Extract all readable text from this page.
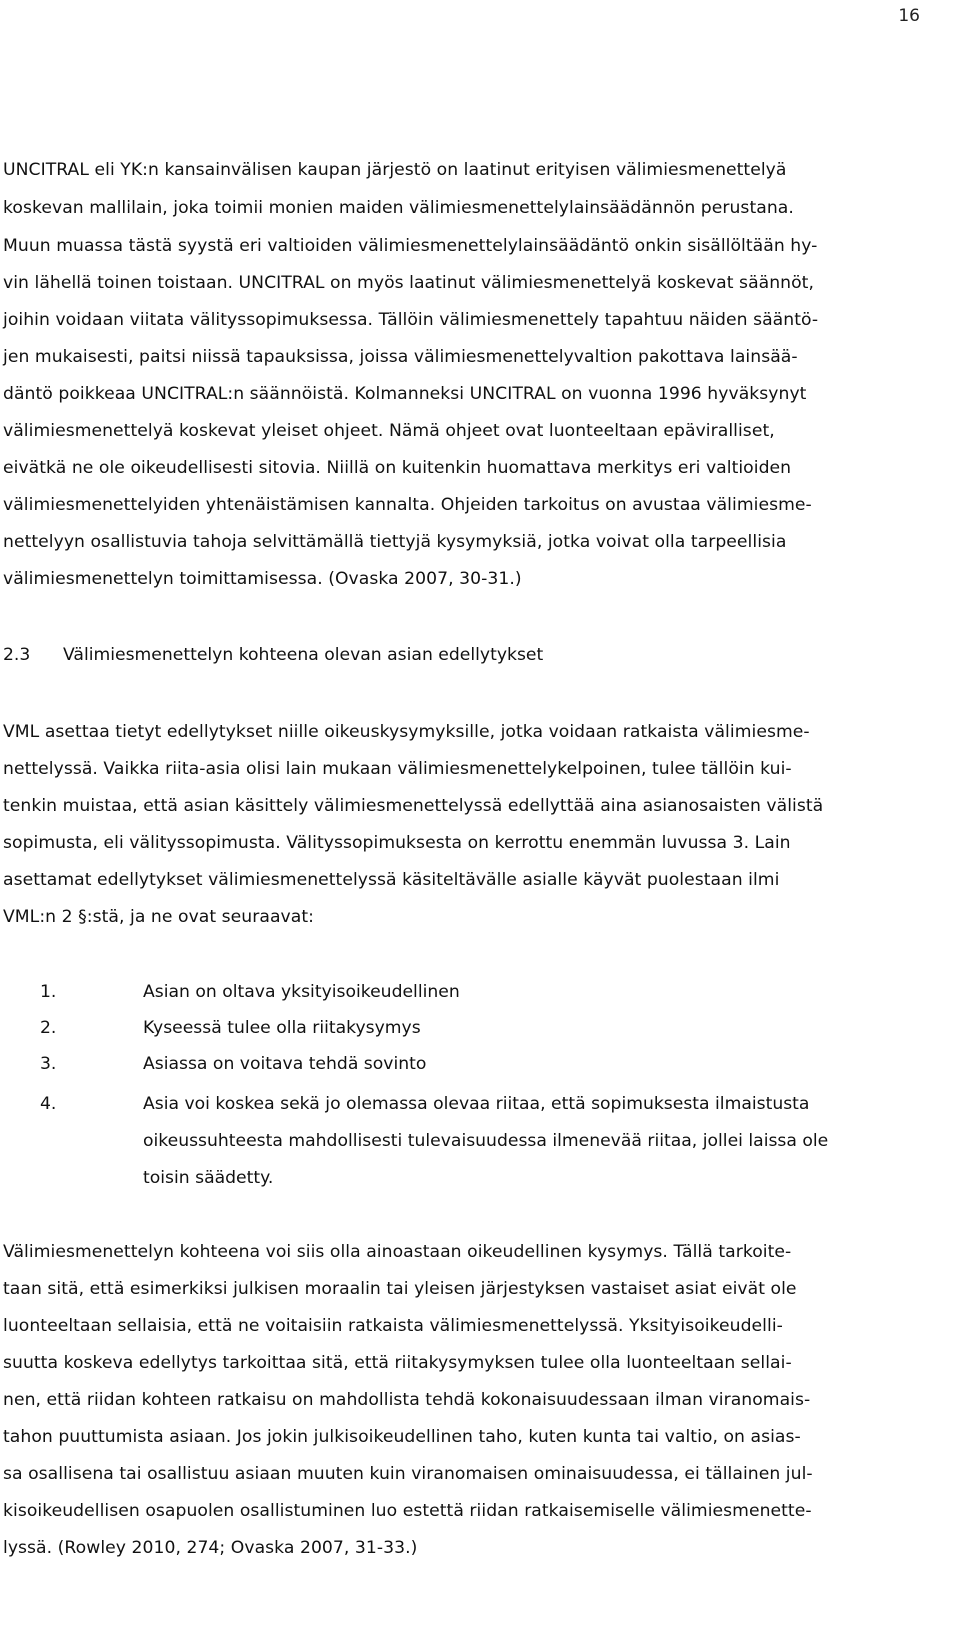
16
UNCITRAL eli YK:n kansainvälisen kaupan järjestö on laatinut erityisen välimiesmenettelyä
koskevan mallilain, joka toimii monien maiden välimiesmenettelylainsäädännön perustana.
Muun muassa tästä syystä eri valtioiden välimiesmenettelylainsäädäntö onkin sisällöltään hy-
vin lähellä toinen toistaan. UNCITRAL on myös laatinut välimiesmenettelyä koskevat säännöt,
joihin voidaan viitata välityssopimuksessa. Tällöin välimiesmenettely tapahtuu näiden sääntö-
jen mukaisesti, paitsi niissä tapauksissa, joissa välimiesmenettelyvaltion pakottava lainsää-
däntö poikkeaa UNCITRAL:n säännöistä. Kolmanneksi UNCITRAL on vuonna 1996 hyväksynyt
välimiesmenettelyä koskevat yleiset ohjeet. Nämä ohjeet ovat luonteeltaan epäviralliset,
eivätkä ne ole oikeudellisesti sitovia. Niillä on kuitenkin huomattava merkitys eri valtioiden
välimiesmenettelyiden yhtenäistämisen kannalta. Ohjeiden tarkoitus on avustaa välimiesme-
nettelyyn osallistuvia tahoja selvittämällä tiettyjä kysymyksiä, jotka voivat olla tarpeellisia
välimiesmenettelyn toimittamisessa. (Ovaska 2007, 30-31.)
2.3 Välimiesmenettelyn kohteena olevan asian edellytykset
VML asettaa tietyt edellytykset niille oikeuskysymyksille, jotka voidaan ratkaista välimiesme-
nettelyssä. Vaikka riita-asia olisi lain mukaan välimiesmenettelykelpoinen, tulee tällöin kui-
tenkin muistaa, että asian käsittely välimiesmenettelyssä edellyttää aina asianosaisten välistä
sopimusta, eli välityssopimusta. Välityssopimuksesta on kerrottu enemmän luvussa 3. Lain
asettamat edellytykset välimiesmenettelyssä käsiteltävälle asialle käyvät puolestaan ilmi
VML:n 2 §:stä, ja ne ovat seuraavat:
1.	Asian on oltava yksityisoikeudellinen
2.	Kyseessä tulee olla riitakysymys
3.	Asiassa on voitava tehdä sovinto
4.	Asia voi koskea sekä jo olemassa olevaa riitaa, että sopimuksesta ilmaistusta
oikeussuhteesta mahdollisesti tulevaisuudessa ilmenevää riitaa, jollei laissa ole
toisin säädetty.
Välimiesmenettelyn kohteena voi siis olla ainoastaan oikeudellinen kysymys. Tällä tarkoite-
taan sitä, että esimerkiksi julkisen moraalin tai yleisen järjestyksen vastaiset asiat eivät ole
luonteeltaan sellaisia, että ne voitaisiin ratkaista välimiesmenettelyssä. Yksityisoikeudelli-
suutta koskeva edellytys tarkoittaa sitä, että riitakysymyksen tulee olla luonteeltaan sellai-
nen, että riidan kohteen ratkaisu on mahdollista tehdä kokonaisuudessaan ilman viranomais-
tahon puuttumista asiaan. Jos jokin julkisoikeudellinen taho, kuten kunta tai valtio, on asias-
sa osallisena tai osallistuu asiaan muuten kuin viranomaisen ominaisuudessa, ei tällainen jul-
kisoikeudellisen osapuolen osallistuminen luo estettä riidan ratkaisemiselle välimiesmenette-
lyssä. (Rowley 2010, 274; Ovaska 2007, 31-33.)
